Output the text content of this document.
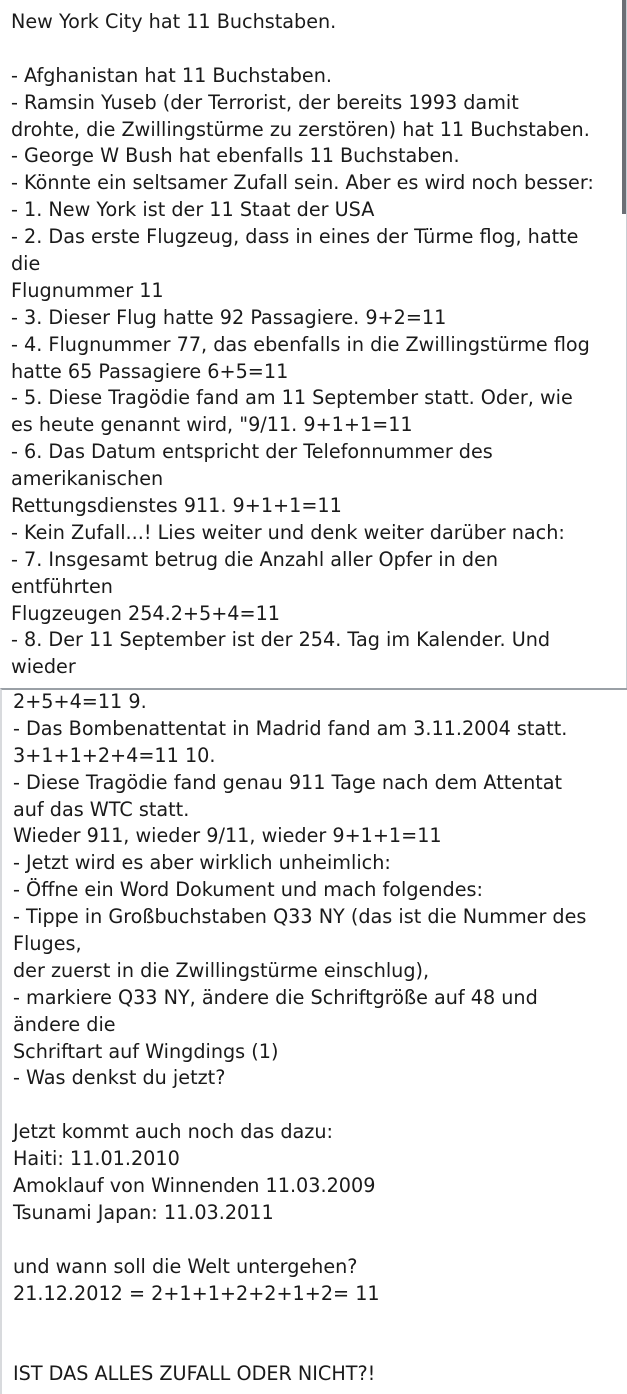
New York City hat 11 Buchstaben.
- Afghanistan hat 11 Buchstaben.
- Ramsin Yuseb (der Terrorist, der bereits 1993 damit
drohte, die Zwillingstürme zu zerstören) hat 11 Buchstaben.
- George W Bush hat ebenfalls 11 Buchstaben.
- Könnte ein seltsamer Zufall sein. Aber es wird noch besser:
- 1. New York ist der 11 Staat der USA
- 2. Das erste Flugzeug, dass in eines der Türme flog, hatte
die
Flugnummer 11
- 3. Dieser Flug hatte 92 Passagiere. 9+2=11
- 4. Flugnummer 77, das ebenfalls in die Zwillingstürme flog
hatte 65 Passagiere 6+5=11
- 5. Diese Tragödie fand am 11 September statt. Oder, wie
es heute genannt wird, "9/11. 9+1+1=11
- 6. Das Datum entspricht der Telefonnummer des
amerikanischen
Rettungsdienstes 911. 9+1+1=11
- Kein Zufall...! Lies weiter und denk weiter darüber nach:
- 7. Insgesamt betrug die Anzahl aller Opfer in den
entführten
Flugzeugen 254.2+5+4=11
- 8. Der 11 September ist der 254. Tag im Kalender. Und
wieder
2+5+4=11 9.
- Das Bombenattentat in Madrid fand am 3.11.2004 statt.
3+1+1+2+4=11 10.
- Diese Tragödie fand genau 911 Tage nach dem Attentat
auf das WTC statt.
Wieder 911, wieder 9/11, wieder 9+1+1=11
- Jetzt wird es aber wirklich unheimlich:
- Öffne ein Word Dokument und mach folgendes:
- Tippe in Großbuchstaben Q33 NY (das ist die Nummer des
Fluges,
der zuerst in die Zwillingstürme einschlug),
- markiere Q33 NY, ändere die Schriftgröße auf 48 und
ändere die
Schriftart auf Wingdings (1)
- Was denkst du jetzt?
Jetzt kommt auch noch das dazu:
Haiti: 11.01.2010
Amoklauf von Winnenden 11.03.2009
Tsunami Japan: 11.03.2011
und wann soll die Welt untergehen?
21.12.2012 = 2+1+1+2+2+1+2= 11
IST DAS ALLES ZUFALL ODER NICHT?!
